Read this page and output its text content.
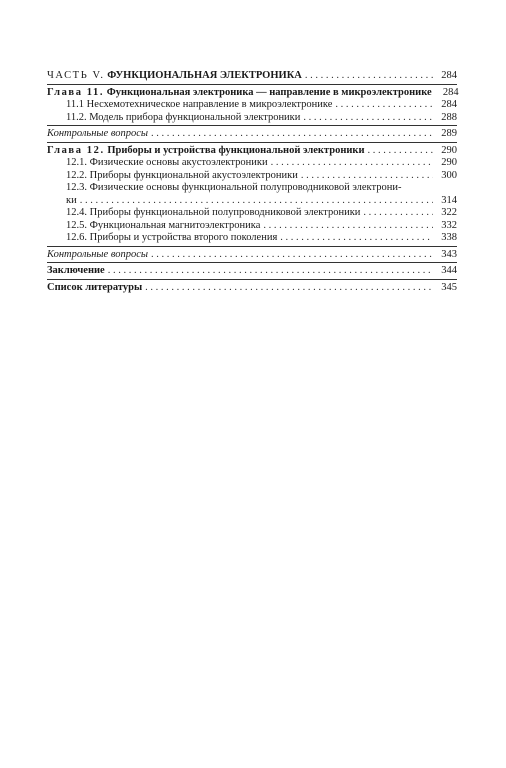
ЧАСТЬ V. ФУНКЦИОНАЛЬНАЯ ЭЛЕКТРОНИКА . . .	284
Глава 11. Функциональная электроника — направление в микроэлектронике . . .	284
11.1 Несхемотехническое направление в микроэлектронике . . .	284
11.2. Модель прибора функциональной электроники . . .	288
Контрольные вопросы . . .	289
Глава 12. Приборы и устройства функциональной электроники . . .	290
12.1. Физические основы акустоэлектроники . . .	290
12.2. Приборы функциональной акустоэлектроники . . .	300
12.3. Физические основы функциональной полупроводниковой электрони-
ки . . .	314
12.4. Приборы функциональной полупроводниковой электроники . . .	322
12.5. Функциональная магнитоэлектроника . . .	332
12.6. Приборы и устройства второго поколения . . .	338
Контрольные вопросы . . .	343
Заключение . . .	344
Список литературы . . .	345
